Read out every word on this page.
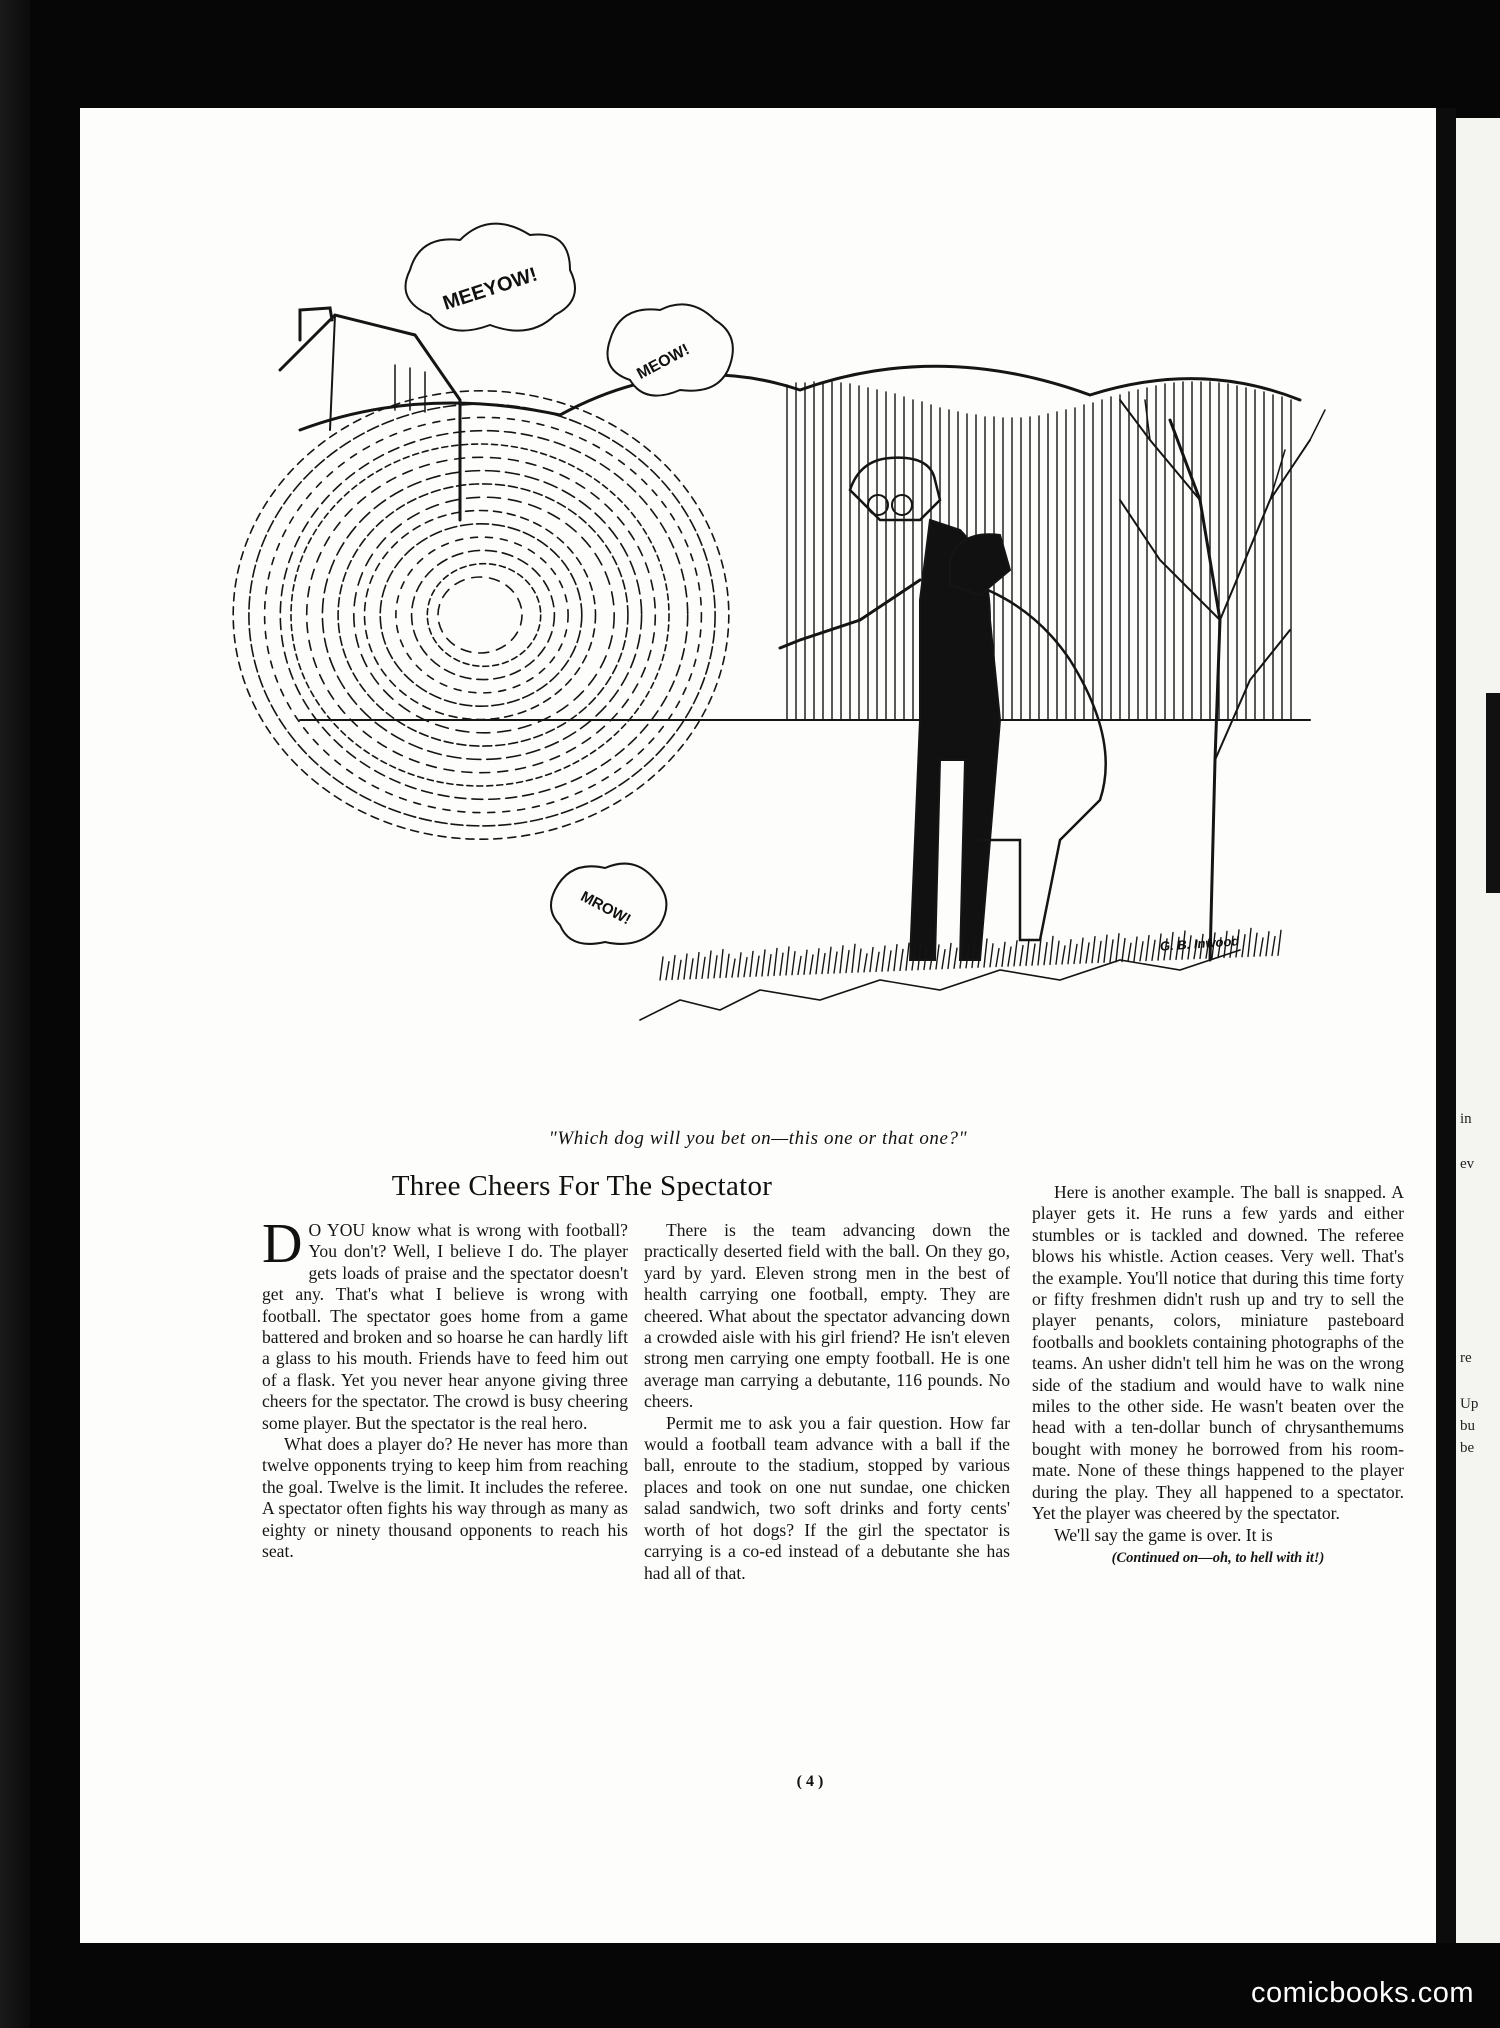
in
ev
re
Up
bu
be
MEEYOW!
MEOW!
MROW!
G. B. Inwood
"Which dog will you bet on—this one or that one?"
Three Cheers For The Spectator

D O YOU know what is wrong with football? You don't? Well, I believe I do. The player gets loads of praise and the spectator doesn't get any. That's what I believe is wrong with football. The spectator goes home from a game battered and broken and so hoarse he can hardly lift a glass to his mouth. Friends have to feed him out of a flask. Yet you never hear anyone giving three cheers for the spectator. The crowd is busy cheering some player. But the spectator is the real hero.

What does a player do? He never has more than twelve opponents trying to keep him from reaching the goal. Twelve is the limit. It includes the referee. A spectator often fights his way through as many as eighty or ninety thousand opponents to reach his seat.

There is the team advancing down the practically deserted field with the ball. On they go, yard by yard. Eleven strong men in the best of health carrying one football, empty. They are cheered. What about the spectator advancing down a crowded aisle with his girl friend? He isn't eleven strong men carrying one empty football. He is one average man carrying a debutante, 116 pounds. No cheers.

Permit me to ask you a fair question. How far would a football team advance with a ball if the ball, enroute to the stadium, stopped by various places and took on one nut sundae, one chicken salad sandwich, two soft drinks and forty cents' worth of hot dogs? If the girl the spectator is carrying is a co-ed instead of a debutante she has had all of that.

Here is another example. The ball is snapped. A player gets it. He runs a few yards and either stumbles or is tackled and downed. The referee blows his whistle. Action ceases. Very well. That's the example. You'll notice that during this time forty or fifty freshmen didn't rush up and try to sell the player penants, colors, miniature pasteboard footballs and booklets containing photographs of the teams. An usher didn't tell him he was on the wrong side of the stadium and would have to walk nine miles to the other side. He wasn't beaten over the head with a ten-dollar bunch of chrysanthemums bought with money he borrowed from his room-mate. None of these things happened to the player during the play. They all happened to a spectator. Yet the player was cheered by the spectator.

We'll say the game is over. It is

(Continued on—oh, to hell with it!)
( 4 )
comicbooks.com
